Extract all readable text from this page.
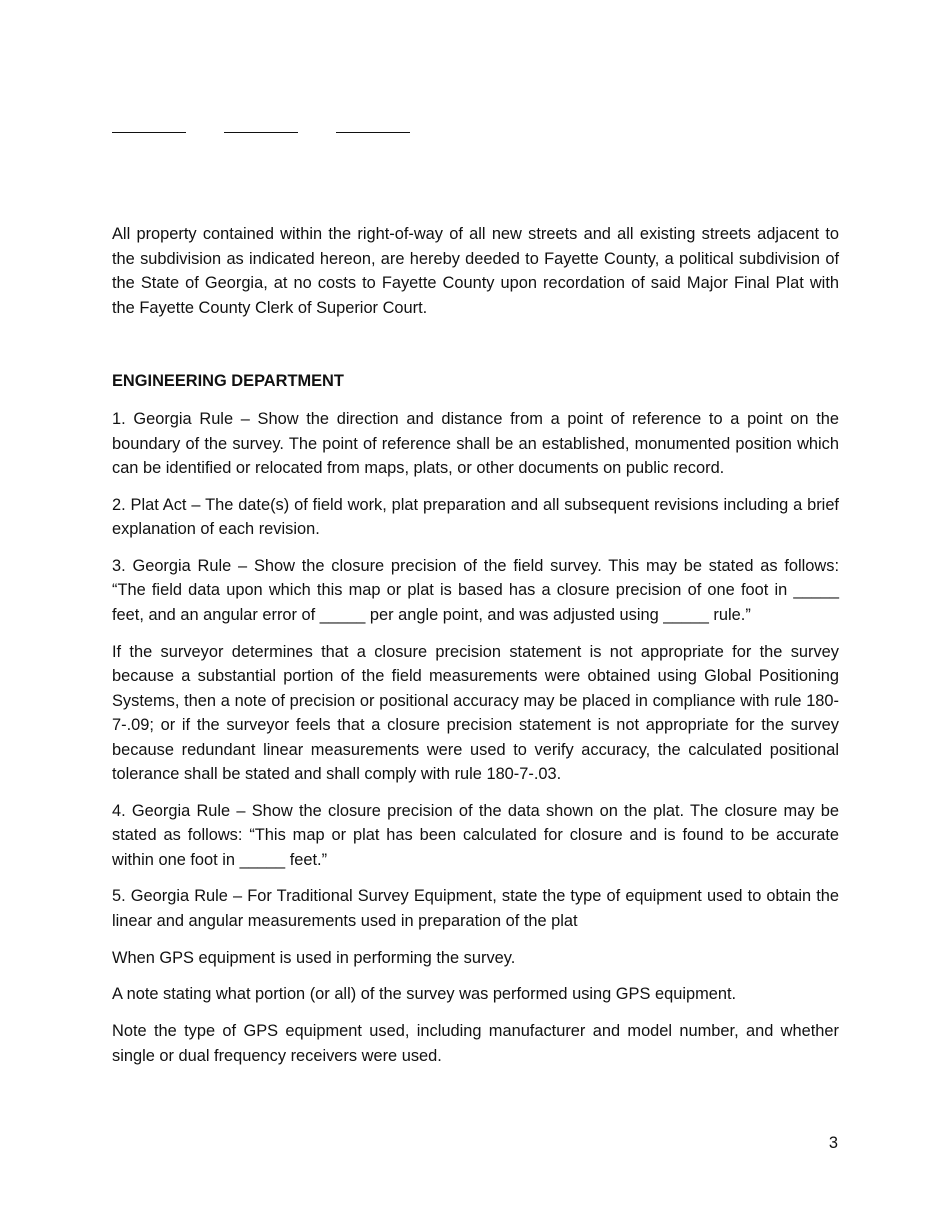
All property contained within the right-of-way of all new streets and all existing streets adjacent to the subdivision as indicated hereon, are hereby deeded to Fayette County, a political subdivision of the State of Georgia, at no costs to Fayette County upon recordation of said Major Final Plat with the Fayette County Clerk of Superior Court.

ENGINEERING DEPARTMENT

1. Georgia Rule – Show the direction and distance from a point of reference to a point on the boundary of the survey. The point of reference shall be an established, monumented position which can be identified or relocated from maps, plats, or other documents on public record.

2. Plat Act – The date(s) of field work, plat preparation and all subsequent revisions including a brief explanation of each revision.

3. Georgia Rule – Show the closure precision of the field survey. This may be stated as follows: “The field data upon which this map or plat is based has a closure precision of one foot in _____ feet, and an angular error of _____ per angle point, and was adjusted using _____ rule.”

If the surveyor determines that a closure precision statement is not appropriate for the survey because a substantial portion of the field measurements were obtained using Global Positioning Systems, then a note of precision or positional accuracy may be placed in compliance with rule 180-7-.09; or if the surveyor feels that a closure precision statement is not appropriate for the survey because redundant linear measurements were used to verify accuracy, the calculated positional tolerance shall be stated and shall comply with rule 180-7-.03.

4. Georgia Rule – Show the closure precision of the data shown on the plat. The closure may be stated as follows: “This map or plat has been calculated for closure and is found to be accurate within one foot in _____ feet.”

5. Georgia Rule – For Traditional Survey Equipment, state the type of equipment used to obtain the linear and angular measurements used in preparation of the plat

When GPS equipment is used in performing the survey.

A note stating what portion (or all) of the survey was performed using GPS equipment.

Note the type of GPS equipment used, including manufacturer and model number, and whether single or dual frequency receivers were used.

3
